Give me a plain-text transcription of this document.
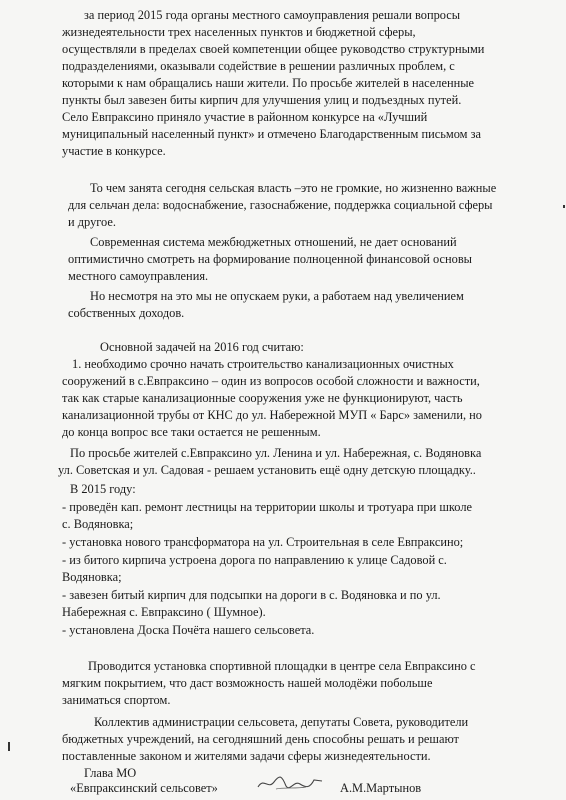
за период 2015 года органы местного самоуправления решали вопросы
жизнедеятельности трех населенных пунктов и бюджетной сферы,
осуществляли в пределах своей компетенции общее руководство структурными
подразделениями, оказывали содействие в решении различных проблем, с
которыми к нам обращались наши жители. По просьбе жителей в населенные
пункты был завезен биты кирпич для улучшения улиц и подъездных путей.
Село Евпраксино приняло участие в районном конкурсе на «Лучший
муниципальный населенный пункт» и отмечено Благодарственным письмом за
участие в конкурсе.
То чем занята сегодня сельская власть –это не громкие, но жизненно важные
для сельчан дела: водоснабжение, газоснабжение, поддержка социальной сферы
и другое.
Современная система межбюджетных отношений, не дает оснований
оптимистично смотреть на формирование полноценной финансовой основы
местного самоуправления.
Но несмотря на это мы не опускаем руки, а работаем над увеличением
собственных доходов.
Основной задачей на 2016 год считаю:
1. необходимо срочно начать строительство канализационных очистных
сооружений в с.Евпраксино – один из вопросов особой сложности и важности,
так как старые канализационные сооружения уже не функционируют, часть
канализационной трубы от КНС до ул. Набережной МУП « Барс» заменили, но
до конца вопрос все таки остается не решенным.
По просьбе жителей с.Евпраксино ул. Ленина и ул. Набережная, с. Водяновка
ул. Советская и ул. Садовая - решаем установить ещё одну детскую площадку..
В 2015 году:
- проведён кап. ремонт лестницы на территории школы и тротуара при школе
с. Водяновка;
- установка нового трансформатора на ул. Строительная в селе Евпраксино;
- из битого кирпича устроена дорога по направлению к улице Садовой с.
Водяновка;
- завезен битый кирпич для подсыпки на дороги в с. Водяновка и по ул.
Набережная с. Евпраксино ( Шумное).
- установлена Доска Почёта нашего сельсовета.
Проводится установка спортивной площадки в центре села Евпраксино с
мягким покрытием, что даст возможность нашей молодёжи побольше
заниматься спортом.
Коллектив администрации сельсовета, депутаты Совета, руководители
бюджетных учреждений, на сегодняшний день способны решать и решают
поставленные законом и жителями задачи сферы жизнедеятельности.
Глава МО
«Евпраксинский сельсовет»	А.М.Мартынов
